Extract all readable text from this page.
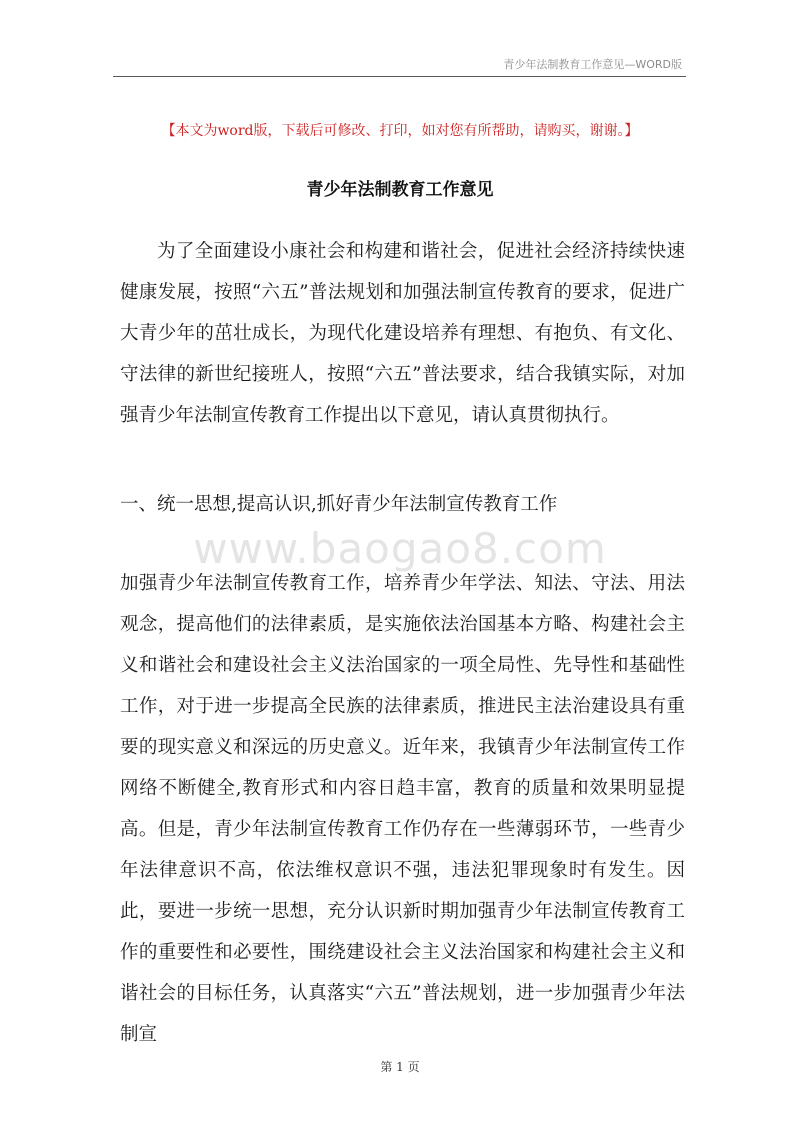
青少年法制教育工作意见—WORD版
【本文为word版，下载后可修改、打印，如对您有所帮助，请购买，谢谢。】
青少年法制教育工作意见

为了全面建设小康社会和构建和谐社会，促进社会经济持续快速健康发展，按照“六五”普法规划和加强法制宣传教育的要求，促进广大青少年的茁壮成长，为现代化建设培养有理想、有抱负、有文化、守法律的新世纪接班人，按照“六五”普法要求，结合我镇实际，对加强青少年法制宣传教育工作提出以下意见，请认真贯彻执行。

一、统一思想,提高认识,抓好青少年法制宣传教育工作

www.baogao8.com

加强青少年法制宣传教育工作，培养青少年学法、知法、守法、用法观念，提高他们的法律素质，是实施依法治国基本方略、构建社会主义和谐社会和建设社会主义法治国家的一项全局性、先导性和基础性工作，对于进一步提高全民族的法律素质，推进民主法治建设具有重要的现实意义和深远的历史意义。近年来，我镇青少年法制宣传工作网络不断健全,教育形式和内容日趋丰富，教育的质量和效果明显提高。但是，青少年法制宣传教育工作仍存在一些薄弱环节，一些青少年法律意识不高，依法维权意识不强，违法犯罪现象时有发生。因此，要进一步统一思想，充分认识新时期加强青少年法制宣传教育工作的重要性和必要性，围绕建设社会主义法治国家和构建社会主义和谐社会的目标任务，认真落实“六五”普法规划，进一步加强青少年法制宣

第 1 页
